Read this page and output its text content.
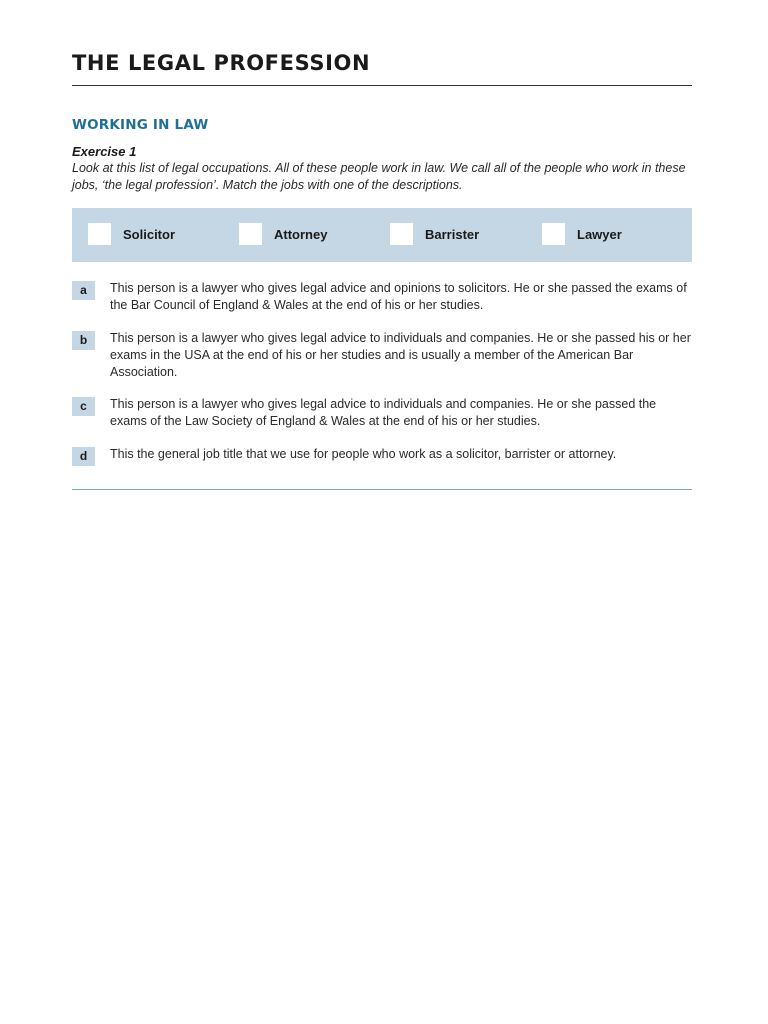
THE LEGAL PROFESSION
WORKING IN LAW
Exercise 1

Look at this list of legal occupations. All of these people work in law. We call all of the people who work in these jobs, ‘the legal profession’. Match the jobs with one of the descriptions.

Solicitor	Attorney	Barrister	Lawyer
a	This person is a lawyer who gives legal advice and opinions to solicitors. He or she passed the exams of the Bar Council of England & Wales at the end of his or her studies.

b	This person is a lawyer who gives legal advice to individuals and companies. He or she passed his or her exams in the USA at the end of his or her studies and is usually a member of the American Bar Association.

c	This person is a lawyer who gives legal advice to individuals and companies. He or she passed the exams of the Law Society of England & Wales at the end of his or her studies.

d	This the general job title that we use for people who work as a solicitor, barrister or attorney.
